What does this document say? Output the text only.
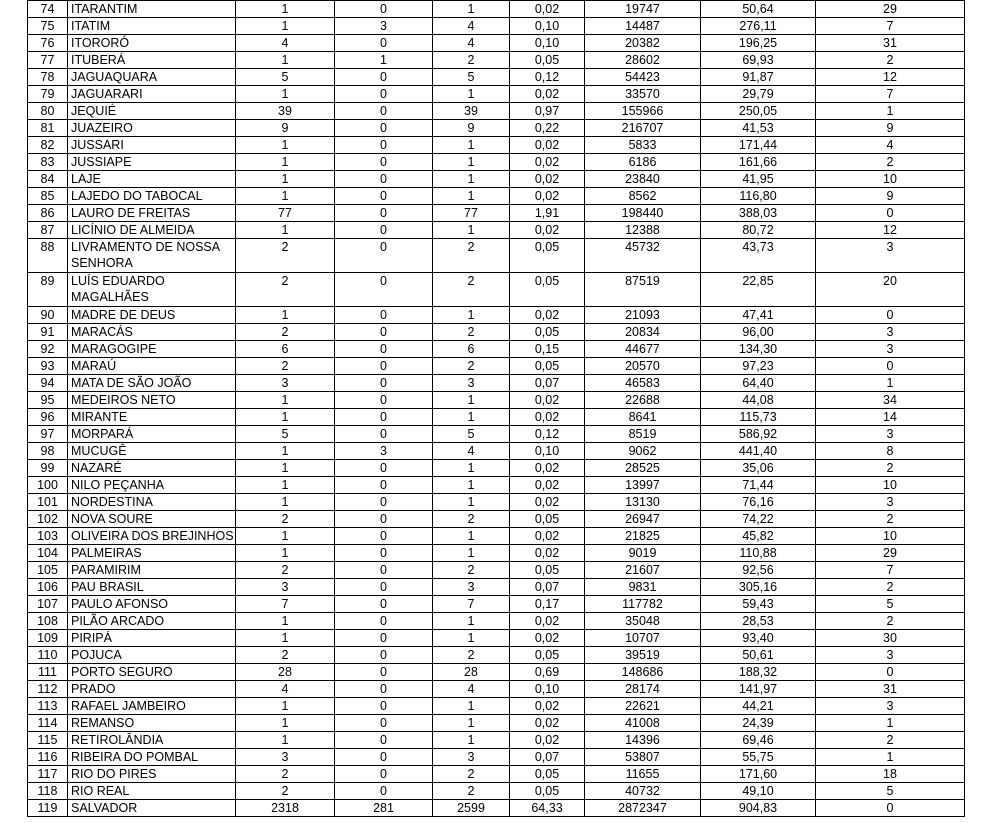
74	ITARANTIM	1	0	1	0,02	19747	50,64	29
75	ITATIM	1	3	4	0,10	14487	276,11	7
76	ITORORÓ	4	0	4	0,10	20382	196,25	31
77	ITUBERÁ	1	1	2	0,05	28602	69,93	2
78	JAGUAQUARA	5	0	5	0,12	54423	91,87	12
79	JAGUARARI	1	0	1	0,02	33570	29,79	7
80	JEQUIÉ	39	0	39	0,97	155966	250,05	1
81	JUAZEIRO	9	0	9	0,22	216707	41,53	9
82	JUSSARI	1	0	1	0,02	5833	171,44	4
83	JUSSIAPE	1	0	1	0,02	6186	161,66	2
84	LAJE	1	0	1	0,02	23840	41,95	10
85	LAJEDO DO TABOCAL	1	0	1	0,02	8562	116,80	9
86	LAURO DE FREITAS	77	0	77	1,91	198440	388,03	0
87	LICÍNIO DE ALMEIDA	1	0	1	0,02	12388	80,72	12
88	LIVRAMENTO DE NOSSA SENHORA	2	0	2	0,05	45732	43,73	3
89	LUÍS EDUARDO MAGALHÃES	2	0	2	0,05	87519	22,85	20
90	MADRE DE DEUS	1	0	1	0,02	21093	47,41	0
91	MARACÁS	2	0	2	0,05	20834	96,00	3
92	MARAGOGIPE	6	0	6	0,15	44677	134,30	3
93	MARAÚ	2	0	2	0,05	20570	97,23	0
94	MATA DE SÃO JOÃO	3	0	3	0,07	46583	64,40	1
95	MEDEIROS NETO	1	0	1	0,02	22688	44,08	34
96	MIRANTE	1	0	1	0,02	8641	115,73	14
97	MORPARÁ	5	0	5	0,12	8519	586,92	3
98	MUCUGÊ	1	3	4	0,10	9062	441,40	8
99	NAZARÉ	1	0	1	0,02	28525	35,06	2
100	NILO PEÇANHA	1	0	1	0,02	13997	71,44	10
101	NORDESTINA	1	0	1	0,02	13130	76,16	3
102	NOVA SOURE	2	0	2	0,05	26947	74,22	2
103	OLIVEIRA DOS BREJINHOS	1	0	1	0,02	21825	45,82	10
104	PALMEIRAS	1	0	1	0,02	9019	110,88	29
105	PARAMIRIM	2	0	2	0,05	21607	92,56	7
106	PAU BRASIL	3	0	3	0,07	9831	305,16	2
107	PAULO AFONSO	7	0	7	0,17	117782	59,43	5
108	PILÃO ARCADO	1	0	1	0,02	35048	28,53	2
109	PIRIPÁ	1	0	1	0,02	10707	93,40	30
110	POJUCA	2	0	2	0,05	39519	50,61	3
111	PORTO SEGURO	28	0	28	0,69	148686	188,32	0
112	PRADO	4	0	4	0,10	28174	141,97	31
113	RAFAEL JAMBEIRO	1	0	1	0,02	22621	44,21	3
114	REMANSO	1	0	1	0,02	41008	24,39	1
115	RETIROLÂNDIA	1	0	1	0,02	14396	69,46	2
116	RIBEIRA DO POMBAL	3	0	3	0,07	53807	55,75	1
117	RIO DO PIRES	2	0	2	0,05	11655	171,60	18
118	RIO REAL	2	0	2	0,05	40732	49,10	5
119	SALVADOR	2318	281	2599	64,33	2872347	904,83	0
